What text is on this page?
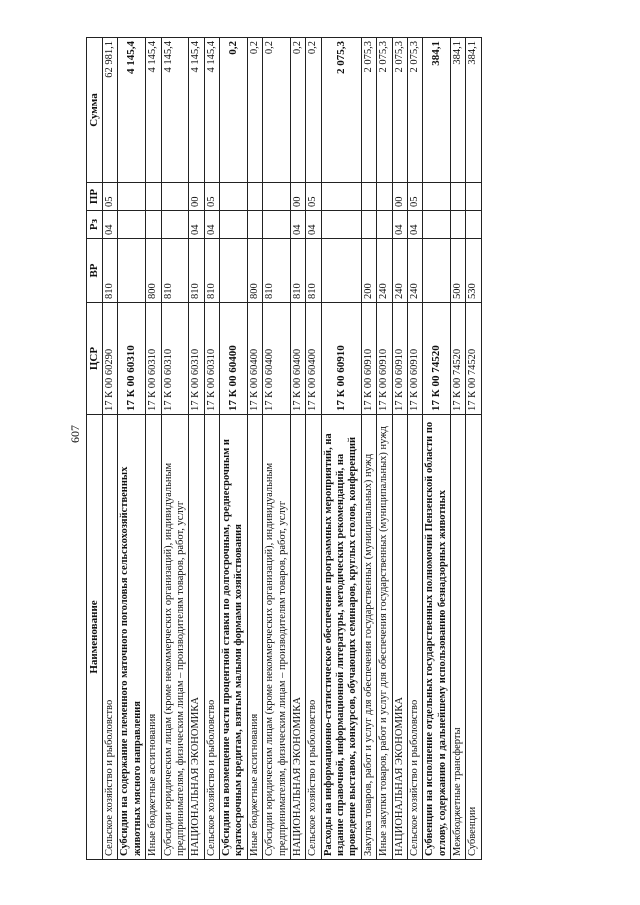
607
Наименование	ЦСР	ВР	Рз	ПР	Сумма
Сельское хозяйство и рыболовство	17 К 00 60290	810	04	05	62 981,1
Субсидии на содержание племенного маточного поголовья сельскохозяйственных животных мясного направления	17 К 00 60310				4 145,4
Иные бюджетные ассигнования	17 К 00 60310	800			4 145,4
Субсидии юридическим лицам (кроме некоммерческих организаций), индивидуальным предпринимателям, физическим лицам – производителям товаров, работ, услуг	17 К 00 60310	810			4 145,4
НАЦИОНАЛЬНАЯ ЭКОНОМИКА	17 К 00 60310	810	04	00	4 145,4
Сельское хозяйство и рыболовство	17 К 00 60310	810	04	05	4 145,4
Субсидии на возмещение части процентной ставки по долгосрочным, среднесрочным и краткосрочным кредитам, взятым малыми формами хозяйствования	17 К 00 60400				0,2
Иные бюджетные ассигнования	17 К 00 60400	800			0,2
Субсидии юридическим лицам (кроме некоммерческих организаций), индивидуальным предпринимателям, физическим лицам – производителям товаров, работ, услуг	17 К 00 60400	810			0,2
НАЦИОНАЛЬНАЯ ЭКОНОМИКА	17 К 00 60400	810	04	00	0,2
Сельское хозяйство и рыболовство	17 К 00 60400	810	04	05	0,2
Расходы на информационно-статистическое обеспечение программных мероприятий, на издание справочной, информационной литературы, методических рекомендаций, на проведение выставок, конкурсов, обучающих семинаров, круглых столов, конференций	17 К 00 60910				2 075,3
Закупка товаров, работ и услуг для обеспечения государственных (муниципальных) нужд	17 К 00 60910	200			2 075,3
Иные закупки товаров, работ и услуг для обеспечения государственных (муниципальных) нужд	17 К 00 60910	240			2 075,3
НАЦИОНАЛЬНАЯ ЭКОНОМИКА	17 К 00 60910	240	04	00	2 075,3
Сельское хозяйство и рыболовство	17 К 00 60910	240	04	05	2 075,3
Субвенции на исполнение отдельных государственных полномочий Пензенской области по отлову, содержанию и дальнейшему использованию безнадзорных животных	17 К 00 74520				384,1
Межбюджетные трансферты	17 К 00 74520	500			384,1
Субвенции	17 К 00 74520	530			384,1
